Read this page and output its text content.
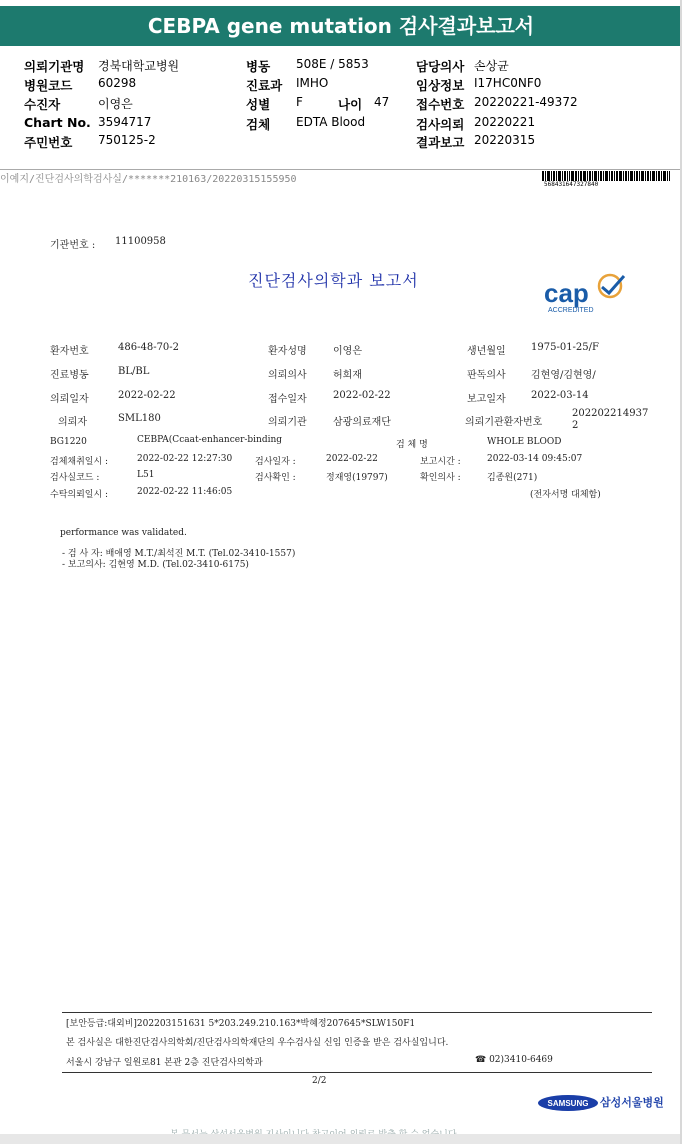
CEBPA gene mutation 검사결과보고서
의뢰기관명 경북대학교병원
병원코드 60298
수진자	이영은
Chart No. 3594717
주민번호 750125-2
병동 508E / 5853
진료과 IMHO
성별 F	나이 47
검체 EDTA Blood
담당의사 손상균
임상정보 I17HC0NF0
접수번호 20220221-49372
검사의뢰 20220221
결과보고 20220315
이예지/진단검사의학검사실/*******210163/20220315155950	568431647327840
기관번호 : 11100958
진단검사의학과 보고서	cap
ACCREDITED
환자번호	486-48-70-2	환자성명	이영은	생년월일	1975-01-25/F
진료병동	BL/BL	의뢰의사	허희재	판독의사	김현영/김현영/
의뢰일자	2022-02-22	접수일자	2022-02-22	보고일자	2022-03-14
의뢰자	SML180	의뢰기관	삼광의료재단	의뢰기관환자번호
202202214937
2
BG1220	CEBPA(Ccaat-enhancer-binding	검 체 명	WHOLE BLOOD
검체채취일시 :	2022-02-22 12:27:30	검사일자 :	2022-02-22	보고시간 :	2022-03-14 09:45:07
검사실코드 :	L51	검사확인 :	정재영(19797)	확인의사 :	김종원(271)
수탁의뢰일시 :	2022-02-22 11:46:05	(전자서명 대체함)
performance was validated.
- 검 사 자: 배애영 M.T./최석진 M.T. (Tel.02-3410-1557)
- 보고의사: 김현영 M.D. (Tel.02-3410-6175)
[보안등급:대외비]202203151631 5*203.249.210.163*박혜정207645*SLW150F1
본 검사실은 대한진단검사의학회/진단검사의학재단의 우수검사실 신임 인증을 받은 검사실입니다.
서울시 강남구 일원로81 본관 2층 진단검사의학과	☎ 02)3410-6469
2/2
SAMSUNG 삼성서울병원
